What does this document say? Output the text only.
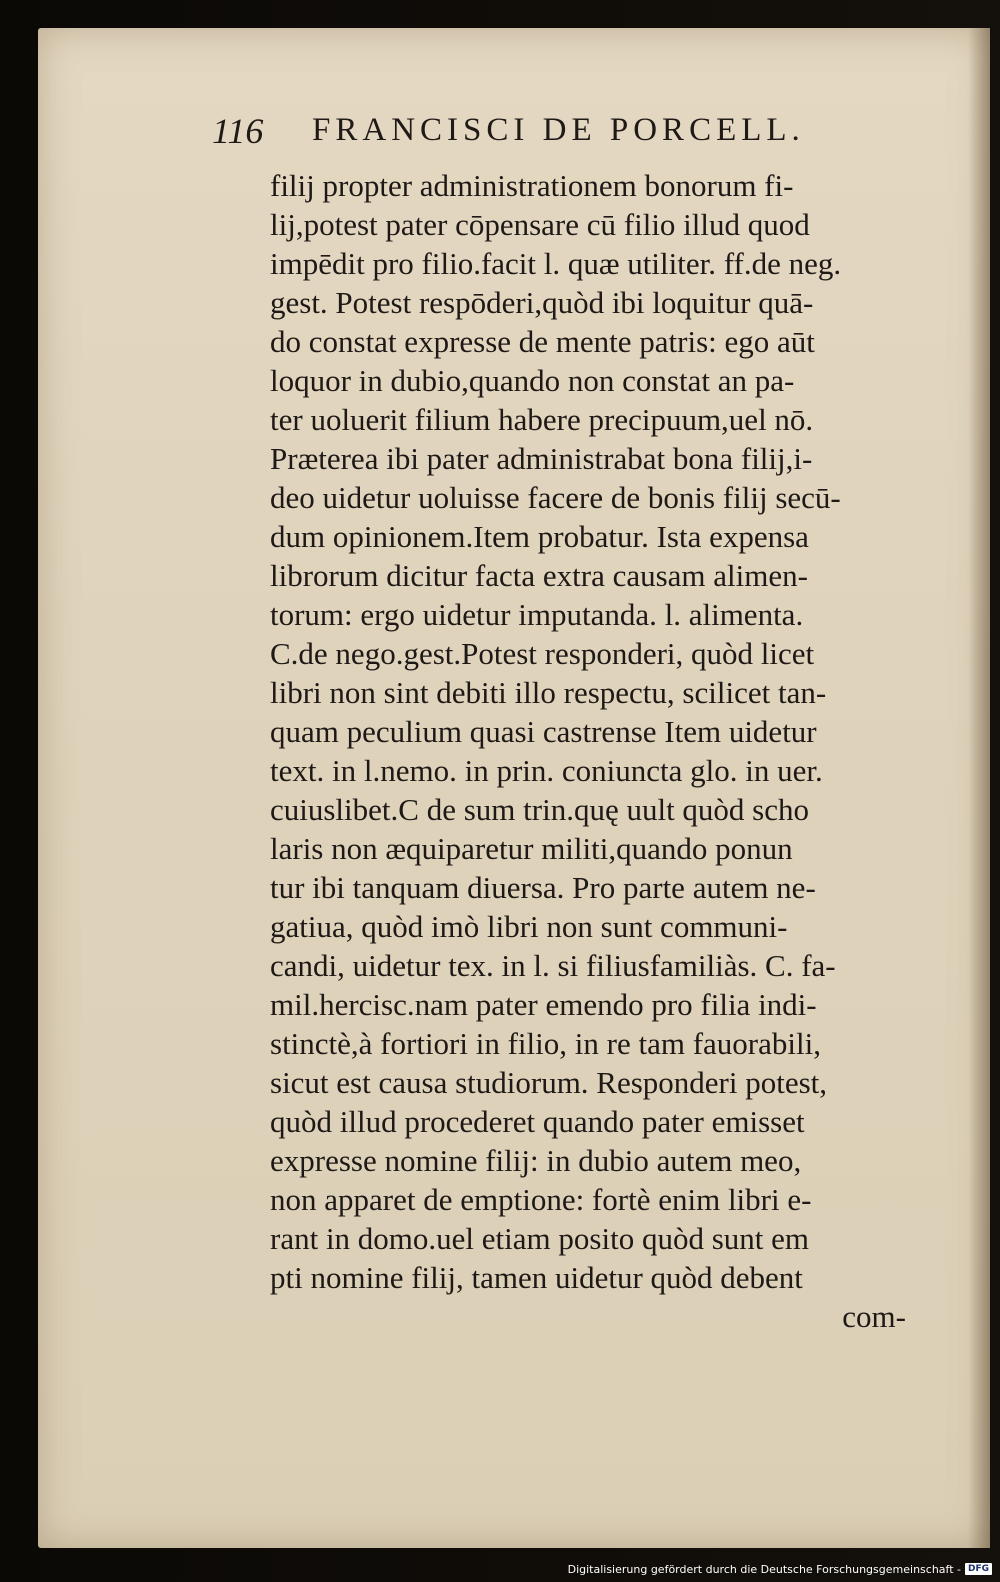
116 FRANCISCI DE PORCELL.
filij propter administrationem bonorum fi-
lij,potest pater cōpensare cū filio illud quod
impēdit pro filio.facit l. quæ utiliter. ff.de neg.
gest. Potest respōderi,quòd ibi loquitur quā-
do constat expresse de mente patris: ego aūt
loquor in dubio,quando non constat an pa-
ter uoluerit filium habere precipuum,uel nō.
Præterea ibi pater administrabat bona filij,i-
deo uidetur uoluisse facere de bonis filij secū-
dum opinionem.Item probatur. Ista expensa
librorum dicitur facta extra causam alimen-
torum: ergo uidetur imputanda. l. alimenta.
C.de nego.gest.Potest responderi, quòd licet
libri non sint debiti illo respectu, scilicet tan-
quam peculium quasi castrense Item uidetur
text. in l.nemo. in prin. coniuncta glo. in uer.
cuiuslibet.C de sum trin.quę uult quòd scho
laris non æquiparetur militi,quando ponun
tur ibi tanquam diuersa. Pro parte autem ne-
gatiua, quòd imò libri non sunt communi-
candi, uidetur tex. in l. si filiusfamiliàs. C. fa-
mil.hercisc.nam pater emendo pro filia indi-
stinctè,à fortiori in filio, in re tam fauorabili,
sicut est causa studiorum. Responderi potest,
quòd illud procederet quando pater emisset
expresse nomine filij: in dubio autem meo,
non apparet de emptione: fortè enim libri e-
rant in domo.uel etiam posito quòd sunt em
pti nomine filij, tamen uidetur quòd debent
com-
Digitalisierung gefördert durch die Deutsche Forschungsgemeinschaft - DFG
